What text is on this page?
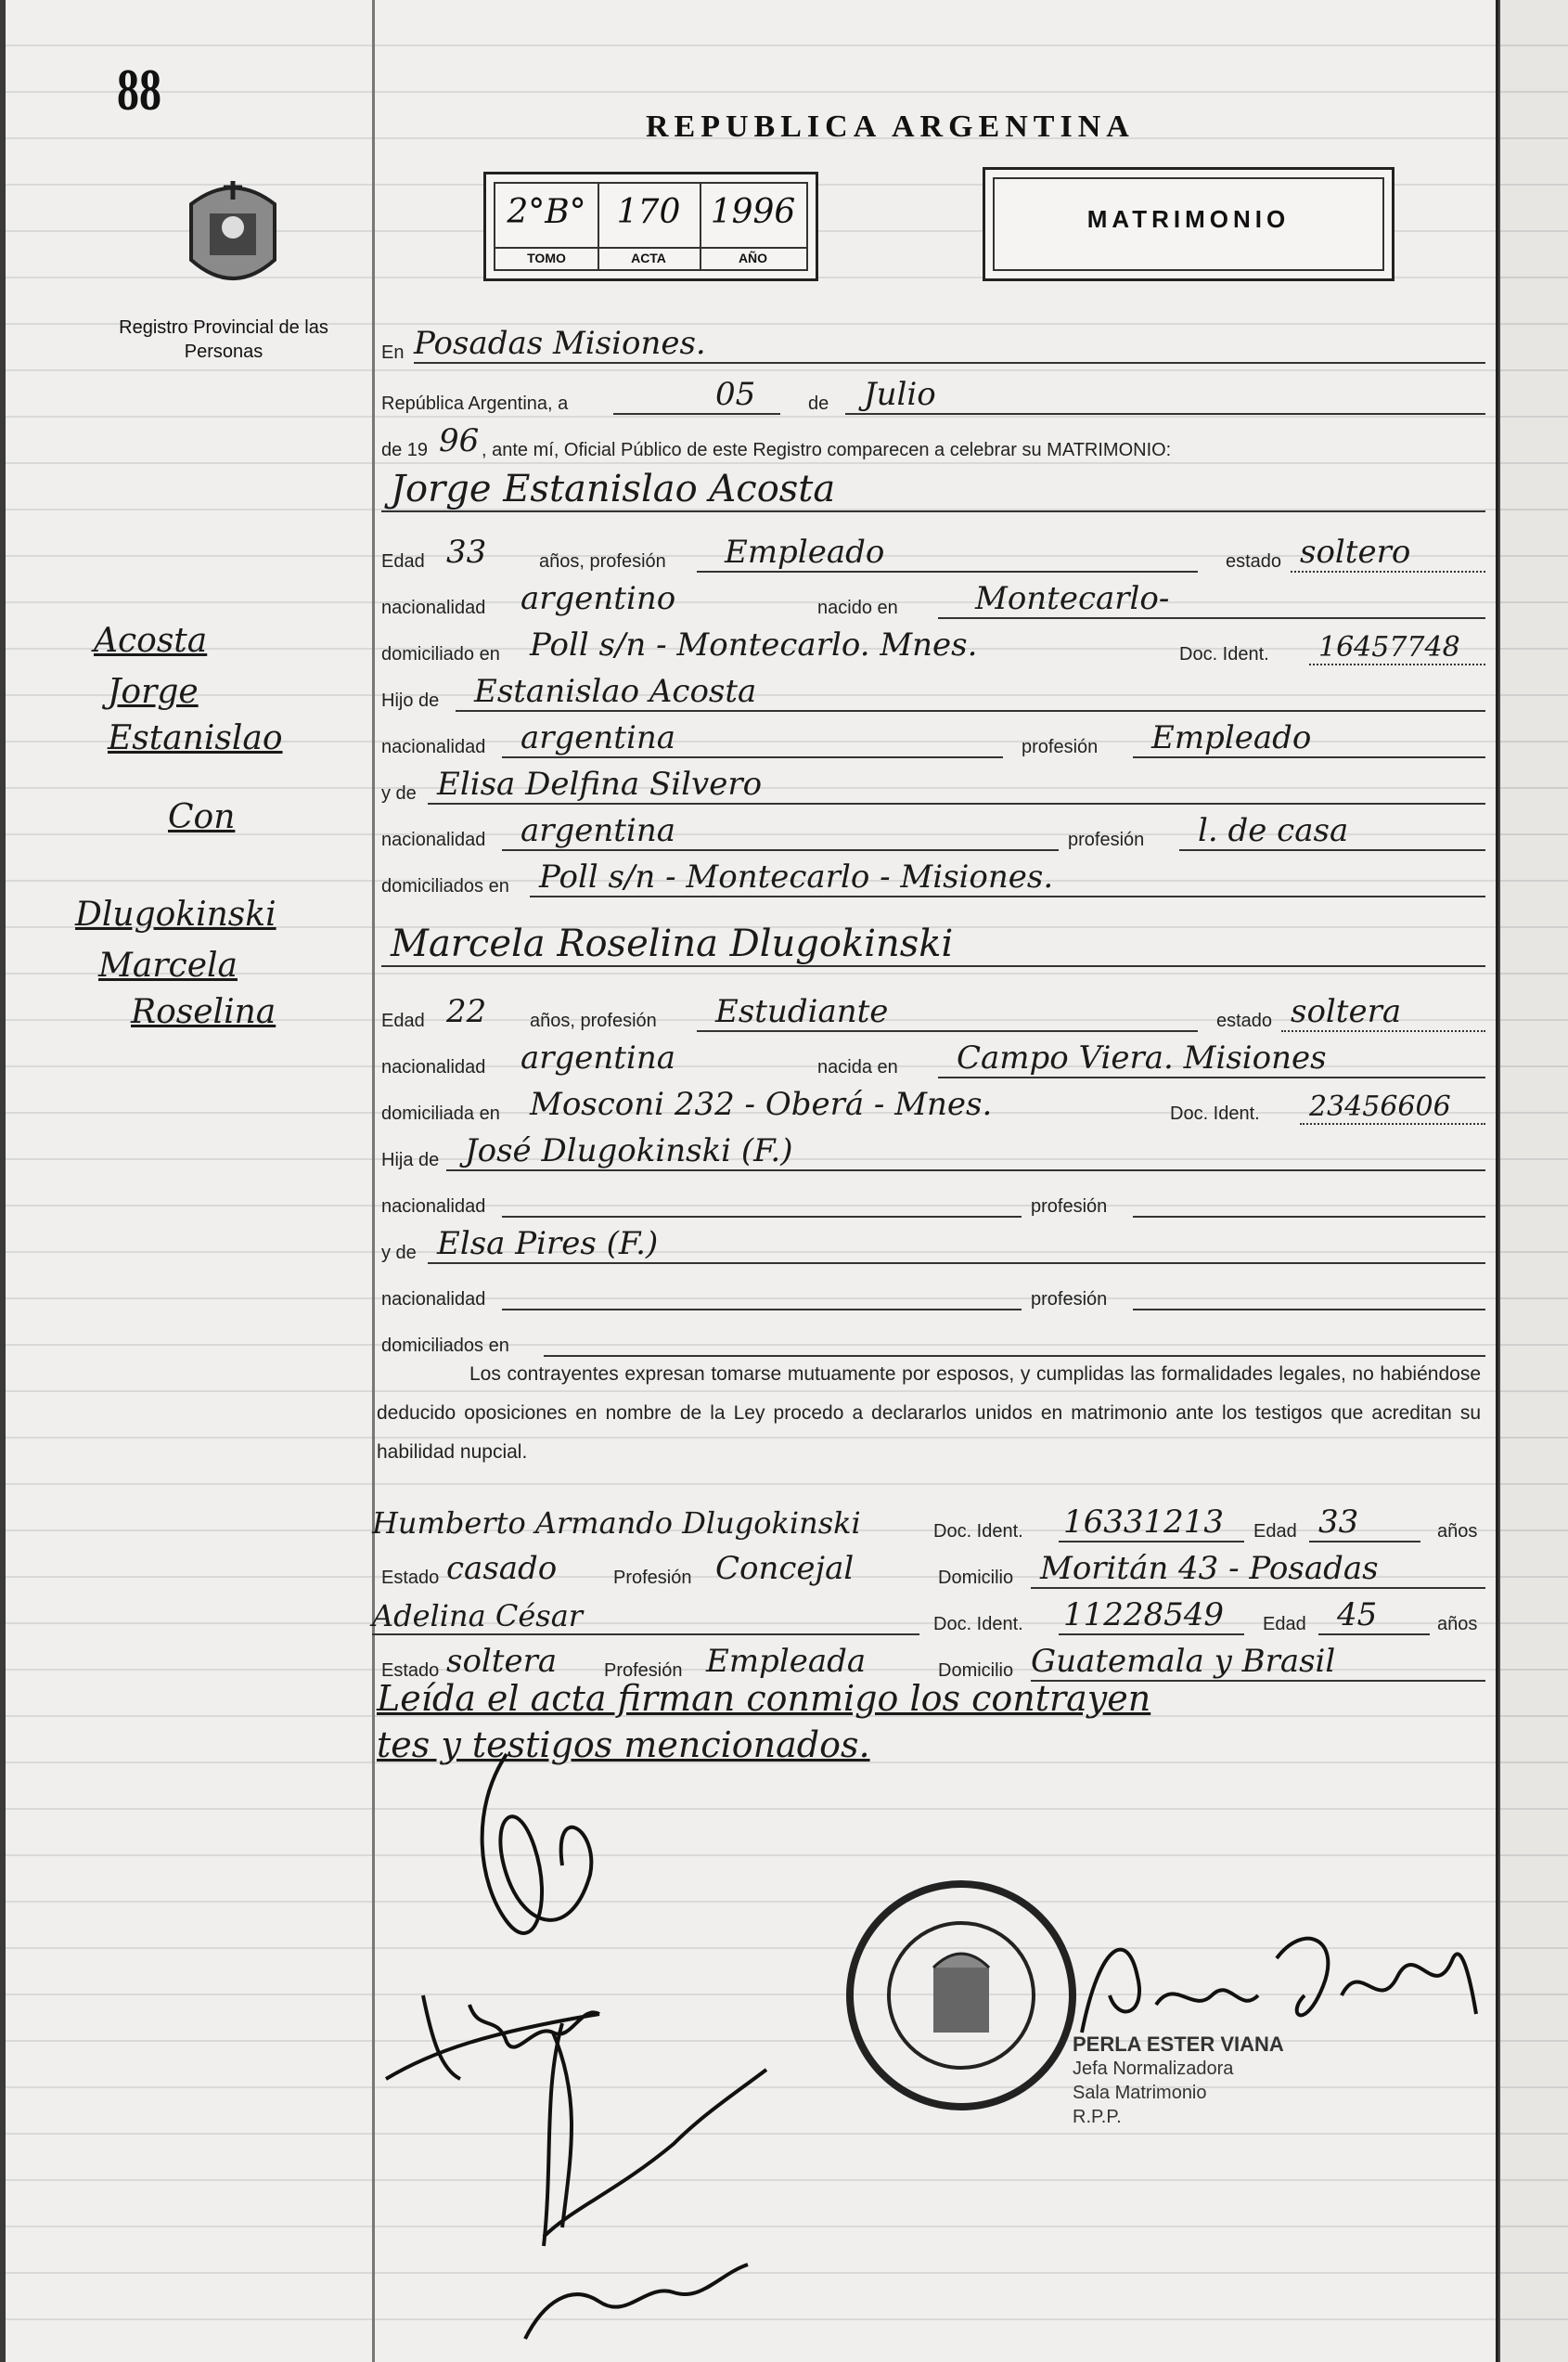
88
Registro Provincial de las Personas
REPUBLICA ARGENTINA
2°B°
TOMO
170
ACTA
1996
AÑO
MATRIMONIO
En Posadas Misiones.
República Argentina, a	05	de Julio
de 19 96 , ante mí, Oficial Público de este Registro comparecen a celebrar su MATRIMONIO:
Jorge Estanislao Acosta
Edad 33	años, profesión Empleado	estado soltero
nacionalidad argentino	nacido en Montecarlo-
domiciliado en Poll s/n - Montecarlo. Mnes.	Doc. Ident. 16457748
Hijo de Estanislao Acosta
nacionalidad argentina	profesión Empleado
y de Elisa Delfina Silvero
nacionalidad argentina	profesión l. de casa
domiciliados en Poll s/n - Montecarlo - Misiones.
Marcela Roselina Dlugokinski
Edad 22 años, profesión Estudiante	estado soltera
nacionalidad argentina	nacida en Campo Viera. Misiones
domiciliada en Mosconi 232 - Oberá - Mnes.	Doc. Ident. 23456606
Hija de José Dlugokinski (F.)
nacionalidad	profesión
y de Elsa Pires (F.)
nacionalidad	profesión
domiciliados en
Los contrayentes expresan tomarse mutuamente por esposos, y cumplidas las formalidades legales, no habiéndose deducido oposiciones en nombre de la Ley procedo a declararlos unidos en matrimonio ante los testigos que acreditan su habilidad nupcial.
Humberto Armando Dlugokinski	Doc. Ident. 16331213 Edad 33	años
Estado casado	Profesión Concejal	Domicilio Moritán 43 - Posadas
Adelina César	Doc. Ident. 11228549 Edad 45	años
Estado soltera	Profesión Empleada	Domicilio Guatemala y Brasil
Leída el acta firman conmigo los contrayen
tes y testigos mencionados.
Acosta
Jorge
Estanislao
Con
Dlugokinski
Marcela
Roselina
PERLA ESTER VIANA
Jefa Normalizadora
Sala Matrimonio
R.P.P.
